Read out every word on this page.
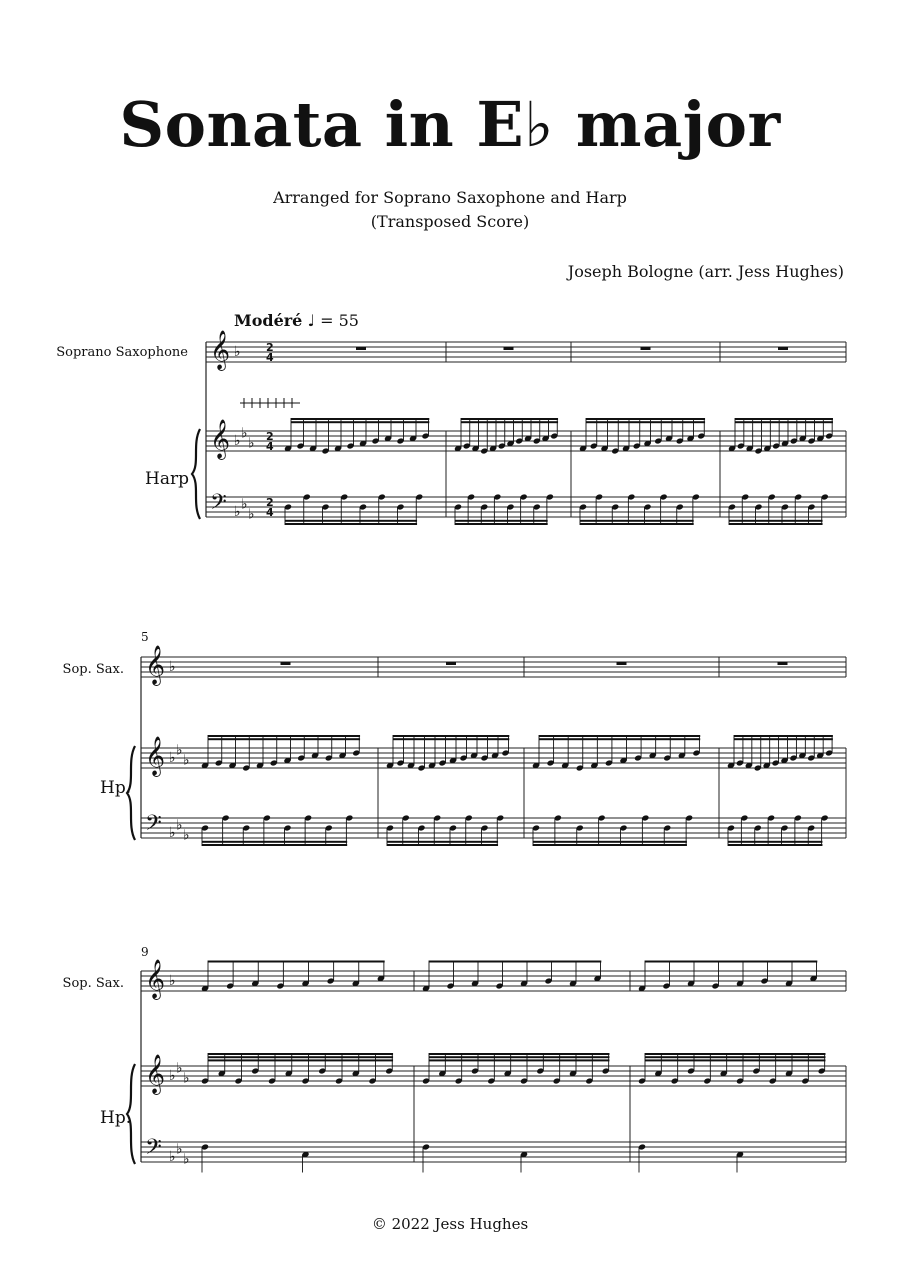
Sonata in E♭ major
Arranged for Soprano Saxophone and Harp
(Transposed Score)
Joseph Bologne (arr. Jess Hughes)
Modéré ♩ = 55
Soprano Saxophone
Harp
5
Sop. Sax.
Hp.
9
Sop. Sax.
Hp.
𝄞
𝄞
𝄢
♭
♭ ♭
♭
♭ ♭
♭
2
4
2
4
2
4
𝄞
𝄞
𝄢
♭
♭ ♭
♭
♭ ♭
♭
𝄞
𝄞
𝄢
♭
♭ ♭
♭
♭ ♭
♭
© 2022 Jess Hughes
